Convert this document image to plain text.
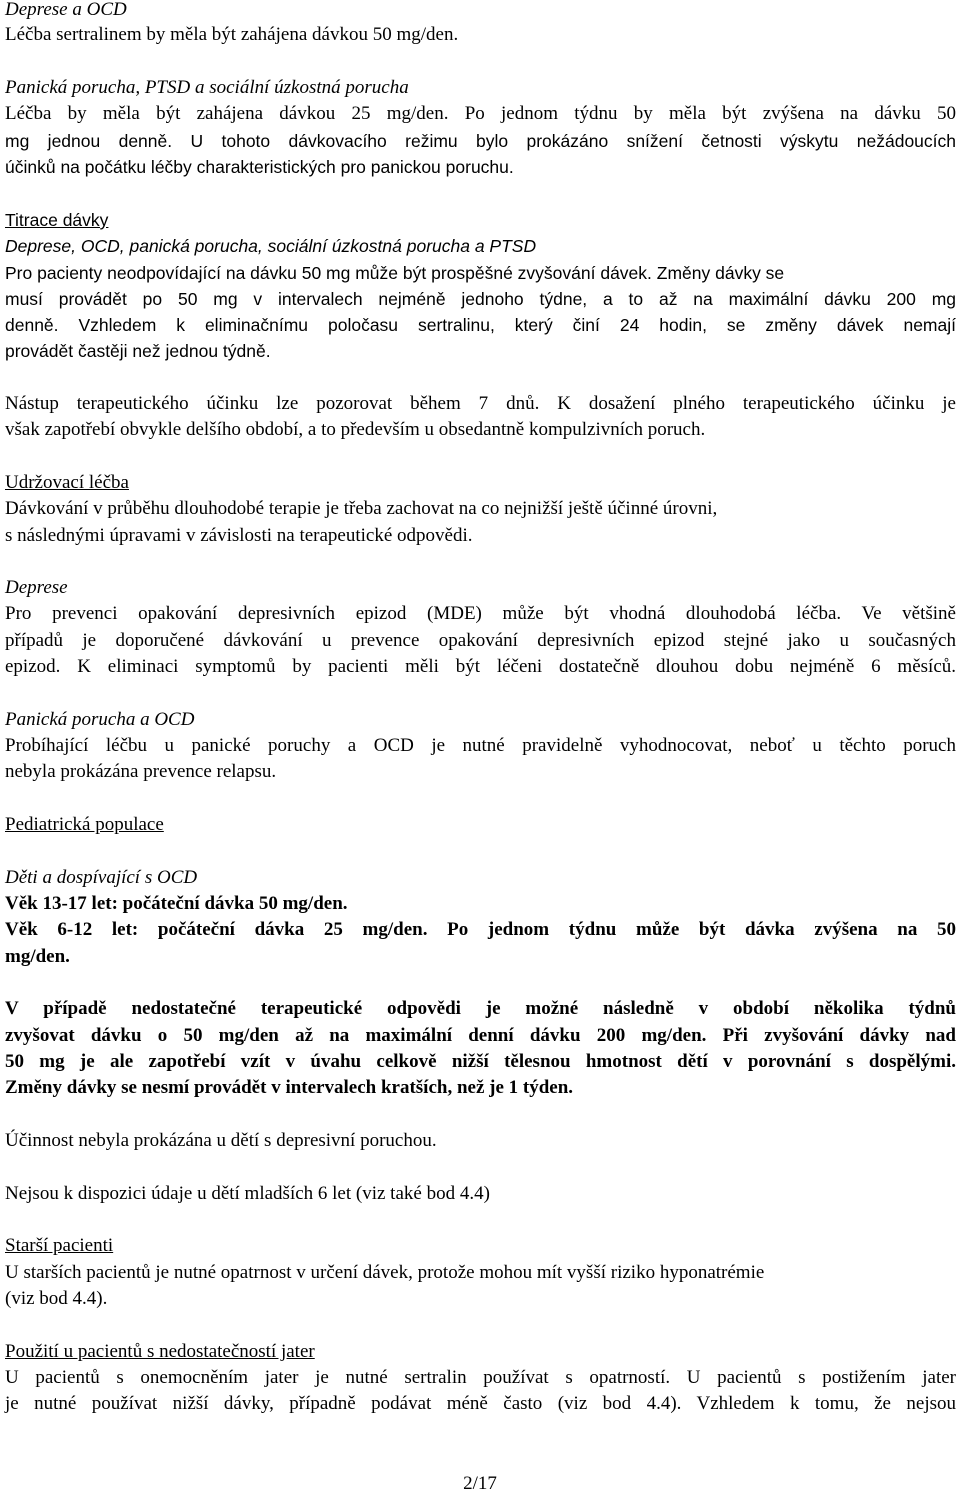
Deprese a OCD
Léčba sertralinem by měla být zahájena dávkou 50 mg/den.
Panická porucha, PTSD a sociální úzkostná porucha
Léčba by měla být zahájena dávkou 25 mg/den. Po jednom týdnu by měla být zvýšena na dávku 50
mg jednou denně. U tohoto dávkovacího režimu bylo prokázáno snížení četnosti výskytu nežádoucích
účinků na počátku léčby charakteristických pro panickou poruchu.
Titrace dávky
Deprese, OCD, panická porucha, sociální úzkostná porucha a PTSD
Pro pacienty neodpovídající na dávku 50 mg může být prospěšné zvyšování dávek. Změny dávky se
musí provádět po 50 mg v intervalech nejméně jednoho týdne, a to až na maximální dávku 200 mg
denně. Vzhledem k eliminačnímu poločasu sertralinu, který činí 24 hodin, se změny dávek nemají
provádět častěji než jednou týdně.
Nástup terapeutického účinku lze pozorovat během 7 dnů. K dosažení plného terapeutického účinku je
však zapotřebí obvykle delšího období, a to především u obsedantně kompulzivních poruch.
Udržovací léčba
Dávkování v průběhu dlouhodobé terapie je třeba zachovat na co nejnižší ještě účinné úrovni,
s následnými úpravami v závislosti na terapeutické odpovědi.
Deprese
Pro prevenci opakování depresivních epizod (MDE) může být vhodná dlouhodobá léčba. Ve většině
případů je doporučené dávkování u prevence opakování depresivních epizod stejné jako u současných
epizod. K eliminaci symptomů by pacienti měli být léčeni dostatečně dlouhou dobu nejméně 6 měsíců.
Panická porucha a OCD
Probíhající léčbu u panické poruchy a OCD je nutné pravidelně vyhodnocovat, neboť u těchto poruch
nebyla prokázána prevence relapsu.
Pediatrická populace
Děti a dospívající s OCD
Věk 13-17 let: počáteční dávka 50 mg/den.
Věk 6-12 let: počáteční dávka 25 mg/den. Po jednom týdnu může být dávka zvýšena na 50
mg/den.
V případě nedostatečné terapeutické odpovědi je možné následně v období několika týdnů
zvyšovat dávku o 50 mg/den až na maximální denní dávku 200 mg/den. Při zvyšování dávky nad
50 mg je ale zapotřebí vzít v úvahu celkově nižší tělesnou hmotnost dětí v porovnání s dospělými.
Změny dávky se nesmí provádět v intervalech kratších, než je 1 týden.
Účinnost nebyla prokázána u dětí s depresivní poruchou.
Nejsou k dispozici údaje u dětí mladších 6 let (viz také bod 4.4)
Starší pacienti
U starších pacientů je nutné opatrnost v určení dávek, protože mohou mít vyšší riziko hyponatrémie
(viz bod 4.4).
Použití u pacientů s nedostatečností jater
U pacientů s onemocněním jater je nutné sertralin používat s opatrností. U pacientů s postižením jater
je nutné používat nižší dávky, případně podávat méně často (viz bod 4.4). Vzhledem k tomu, že nejsou
2/17
